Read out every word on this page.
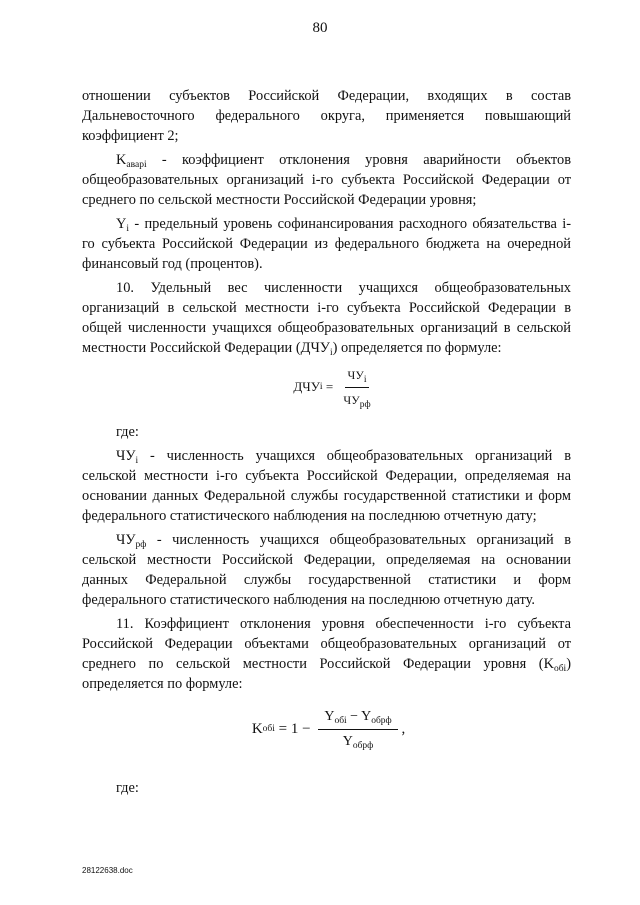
80

отношении субъектов Российской Федерации, входящих в состав Дальневосточного федерального округа, применяется повышающий коэффициент 2;

$K_{аварi}$ - коэффициент отклонения уровня аварийности объектов общеобразовательных организаций i-го субъекта Российской Федерации от среднего по сельской местности Российской Федерации уровня;

$Y_i$ - предельный уровень софинансирования расходного обязательства i-го субъекта Российской Федерации из федерального бюджета на очередной финансовый год (процентов).

10. Удельный вес численности учащихся общеобразовательных организаций в сельской местности i-го субъекта Российской Федерации в общей численности учащихся общеобразовательных организаций в сельской местности Российской Федерации $(ДЧУ_i)$ определяется по формуле:

ДЧУ $i = \frac{ЧУ_i}{ЧУ_{рф}}$

где:

$ЧУ_i$ - численность учащихся общеобразовательных организаций в сельской местности i-го субъекта Российской Федерации, определяемая на основании данных Федеральной службы государственной статистики и форм федерального статистического наблюдения на последнюю отчетную дату;

$ЧУ_{рф}$ - численность учащихся общеобразовательных организаций в сельской местности Российской Федерации, определяемая на основании данных Федеральной службы государственной статистики и форм федерального статистического наблюдения на последнюю отчетную дату.

11. Коэффициент отклонения уровня обеспеченности i-го субъекта Российской Федерации объектами общеобразовательных организаций от среднего по сельской местности Российской Федерации уровня $(K_{обi})$ определяется по формуле:

K обi = $1 - \frac{Y_{обi} - Y_{обрф}}{Y_{обрф}}$ ,

где:

28122638.doc
